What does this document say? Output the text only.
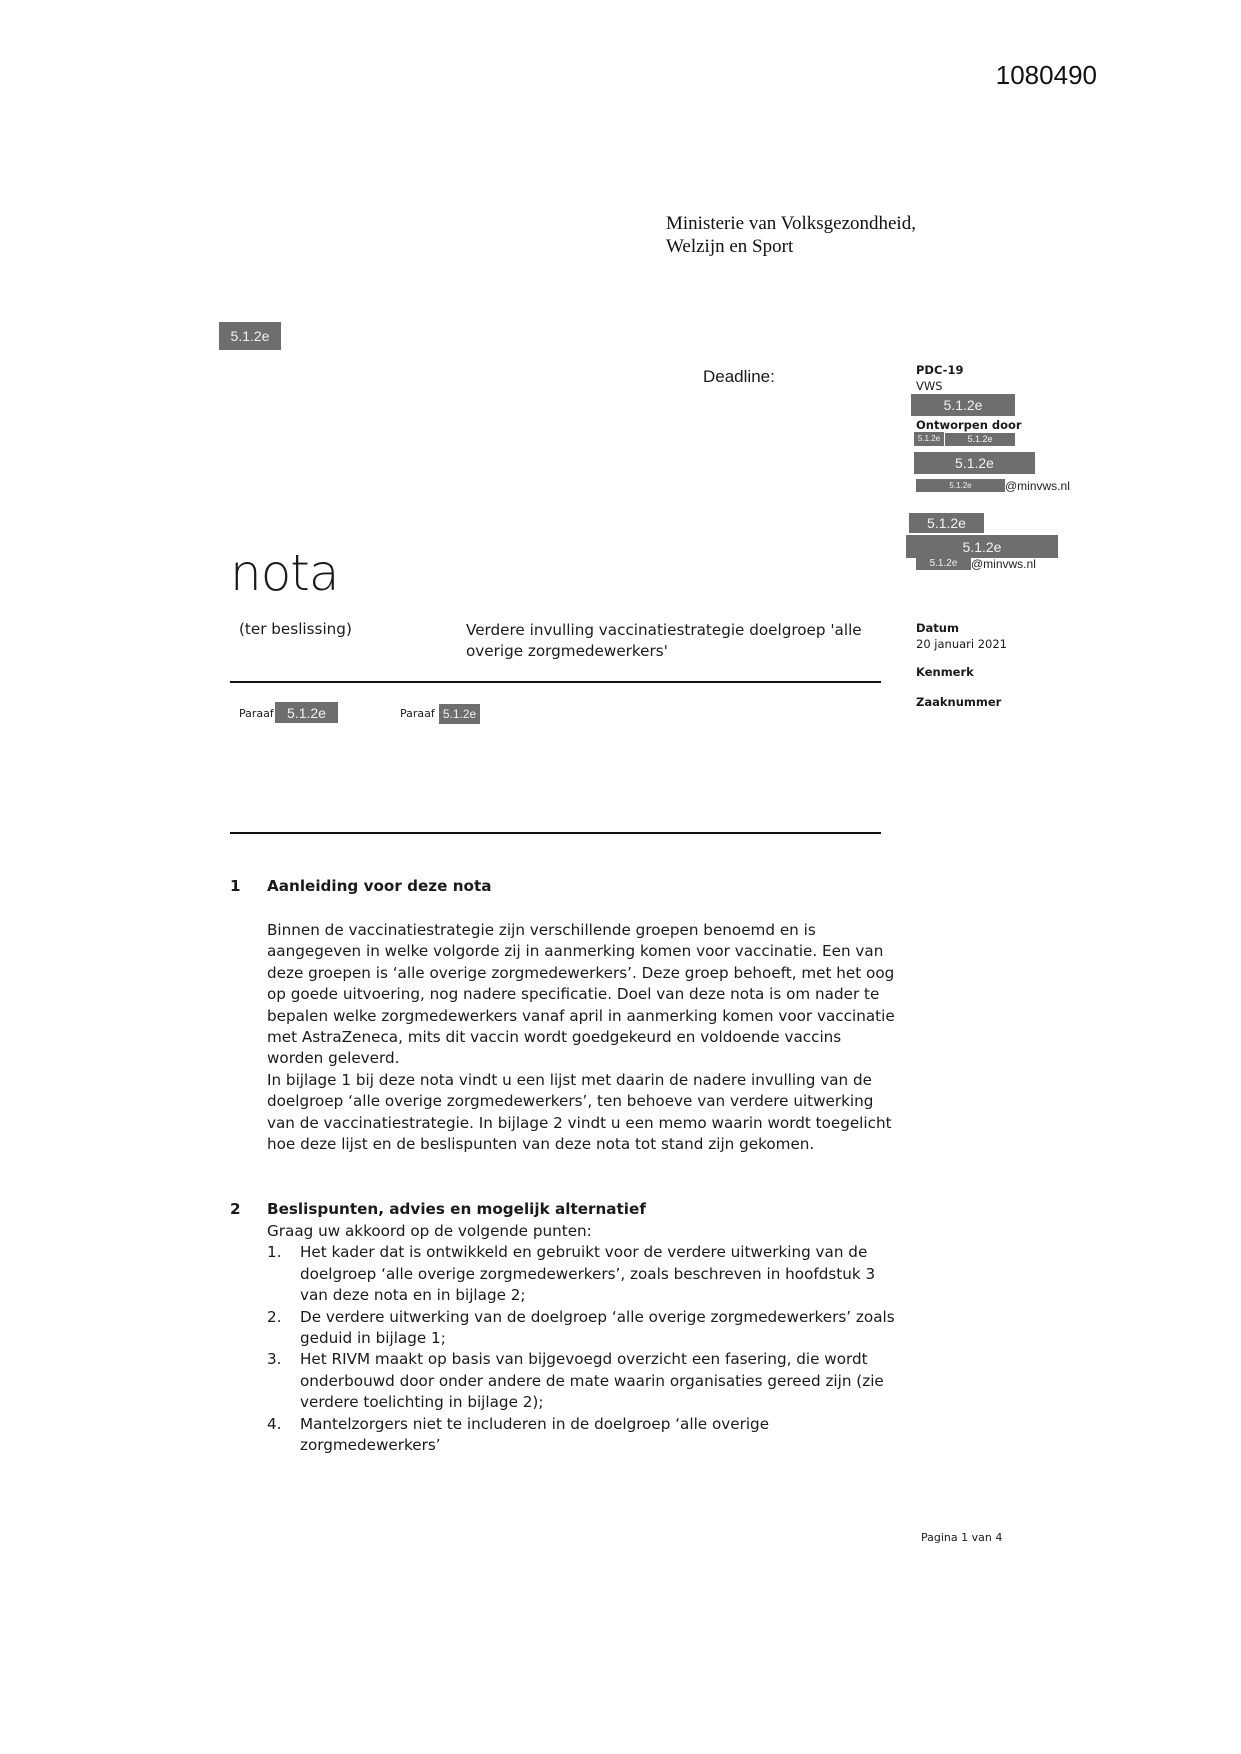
1080490
Ministerie van Volksgezondheid,
Welzijn en Sport
5.1.2e
Deadline:	PDC-19
VWS
5.1.2e
Ontworpen door
5.1.2e	5.1.2e
5.1.2e
5.1.2e	@minvws.nl
5.1.2e
5.1.2e
5.1.2e	@minvws.nl
Datum
20 januari 2021
Kenmerk
Zaaknummer
nota
(ter beslissing)	Verdere invulling vaccinatiestrategie doelgroep 'alle overige zorgmedewerkers'
Paraaf 5.1.2e	Paraaf 5.1.2e
1 Aanleiding voor deze nota
Binnen de vaccinatiestrategie zijn verschillende groepen benoemd en is aangegeven in welke volgorde zij in aanmerking komen voor vaccinatie. Een van deze groepen is ‘alle overige zorgmedewerkers’. Deze groep behoeft, met het oog op goede uitvoering, nog nadere specificatie. Doel van deze nota is om nader te bepalen welke zorgmedewerkers vanaf april in aanmerking komen voor vaccinatie met AstraZeneca, mits dit vaccin wordt goedgekeurd en voldoende vaccins worden geleverd.
In bijlage 1 bij deze nota vindt u een lijst met daarin de nadere invulling van de doelgroep ‘alle overige zorgmedewerkers’, ten behoeve van verdere uitwerking van de vaccinatiestrategie. In bijlage 2 vindt u een memo waarin wordt toegelicht hoe deze lijst en de beslispunten van deze nota tot stand zijn gekomen.
2 Beslispunten, advies en mogelijk alternatief
Graag uw akkoord op de volgende punten:
1. Het kader dat is ontwikkeld en gebruikt voor de verdere uitwerking van de doelgroep ‘alle overige zorgmedewerkers’, zoals beschreven in hoofdstuk 3 van deze nota en in bijlage 2;
2. De verdere uitwerking van de doelgroep ‘alle overige zorgmedewerkers’ zoals geduid in bijlage 1;
3. Het RIVM maakt op basis van bijgevoegd overzicht een fasering, die wordt onderbouwd door onder andere de mate waarin organisaties gereed zijn (zie verdere toelichting in bijlage 2);
4. Mantelzorgers niet te includeren in de doelgroep ‘alle overige zorgmedewerkers’
Pagina 1 van 4
